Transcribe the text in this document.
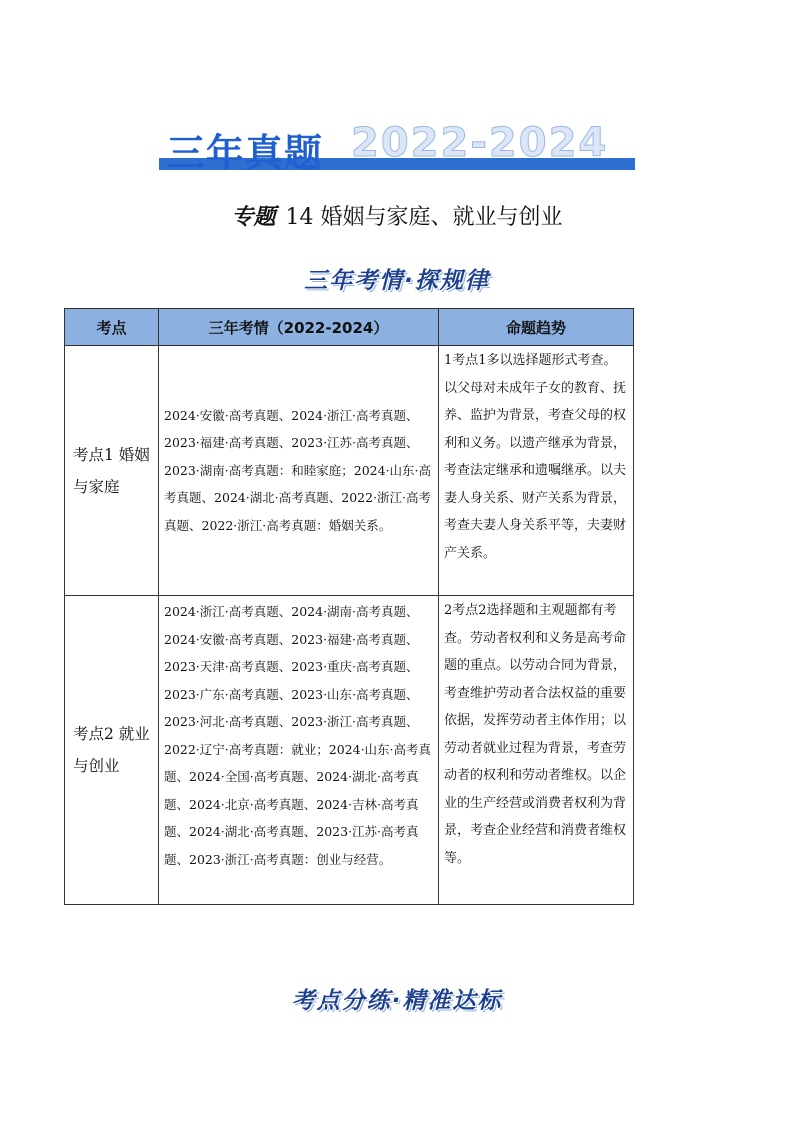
三年真题 2022-2024
专题 14 婚姻与家庭、就业与创业
三年考情·探规律
考点	三年考情（2022-2024）	命题趋势
考点1 婚姻与家庭	2024·安徽·高考真题、2024·浙江·高考真题、2023·福建·高考真题、2023·江苏·高考真题、2023·湖南·高考真题：和睦家庭；2024·山东·高考真题、2024·湖北·高考真题、2022·浙江·高考真题、2022·浙江·高考真题：婚姻关系。	1考点1多以选择题形式考查。以父母对未成年子女的教育、抚养、监护为背景，考查父母的权利和义务。以遗产继承为背景，考查法定继承和遗嘱继承。以夫妻人身关系、财产关系为背景，考查夫妻人身关系平等，夫妻财产关系。
考点2 就业与创业	2024·浙江·高考真题、2024·湖南·高考真题、2024·安徽·高考真题、2023·福建·高考真题、2023·天津·高考真题、2023·重庆·高考真题、2023·广东·高考真题、2023·山东·高考真题、2023·河北·高考真题、2023·浙江·高考真题、2022·辽宁·高考真题：就业；2024·山东·高考真题、2024·全国·高考真题、2024·湖北·高考真题、2024·北京·高考真题、2024·吉林·高考真题、2024·湖北·高考真题、2023·江苏·高考真题、2023·浙江·高考真题：创业与经营。	2考点2选择题和主观题都有考查。劳动者权利和义务是高考命题的重点。以劳动合同为背景，考查维护劳动者合法权益的重要依据，发挥劳动者主体作用；以劳动者就业过程为背景，考查劳动者的权利和劳动者维权。以企业的生产经营或消费者权利为背景，考查企业经营和消费者维权等。
考点分练·精准达标
